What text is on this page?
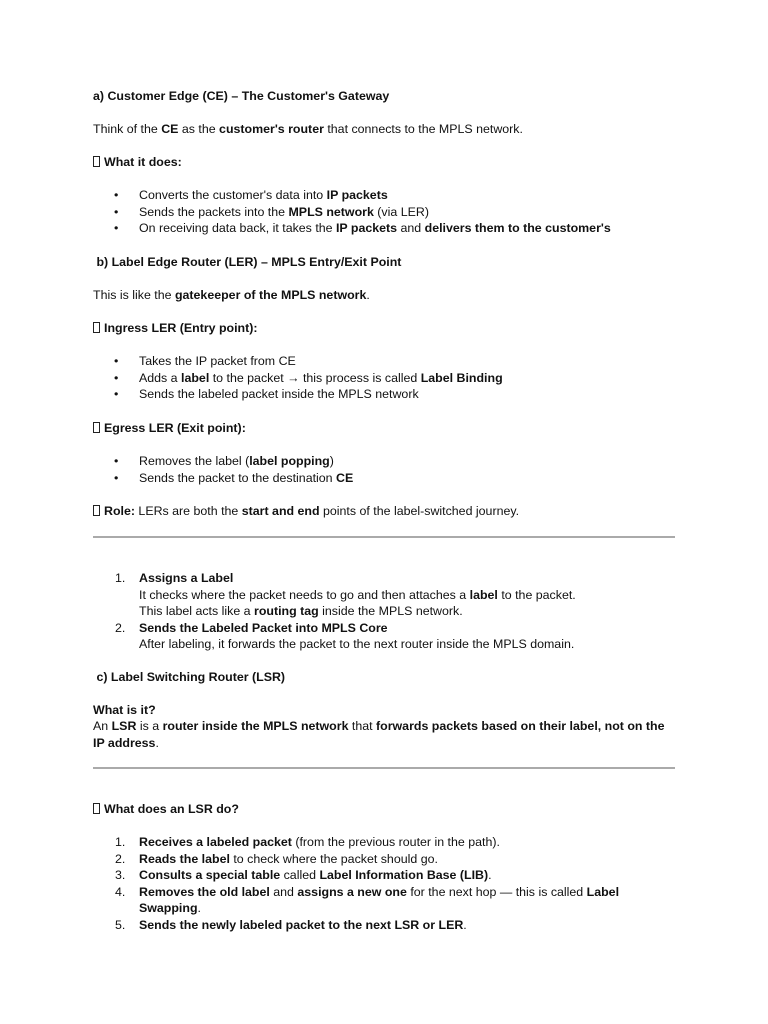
a) Customer Edge (CE) – The Customer's Gateway
Think of the CE as the customer's router that connects to the MPLS network.
What it does:
• Converts the customer's data into IP packets
• Sends the packets into the MPLS network (via LER)
• On receiving data back, it takes the IP packets and delivers them to the customer's
b) Label Edge Router (LER) – MPLS Entry/Exit Point
This is like the gatekeeper of the MPLS network.
Ingress LER (Entry point):
• Takes the IP packet from CE
• Adds a label to the packet → this process is called Label Binding
• Sends the labeled packet inside the MPLS network
Egress LER (Exit point):
• Removes the label (label popping)
• Sends the packet to the destination CE
Role: LERs are both the start and end points of the label-switched journey.
1. Assigns a Label
It checks where the packet needs to go and then attaches a label to the packet.
This label acts like a routing tag inside the MPLS network.
2. Sends the Labeled Packet into MPLS Core
After labeling, it forwards the packet to the next router inside the MPLS domain.
c) Label Switching Router (LSR)
What is it?
An LSR is a router inside the MPLS network that forwards packets based on their label, not on the IP address.
What does an LSR do?
1. Receives a labeled packet (from the previous router in the path).
2. Reads the label to check where the packet should go.
3. Consults a special table called Label Information Base (LIB).
4. Removes the old label and assigns a new one for the next hop — this is called Label
Swapping.
5. Sends the newly labeled packet to the next LSR or LER.
